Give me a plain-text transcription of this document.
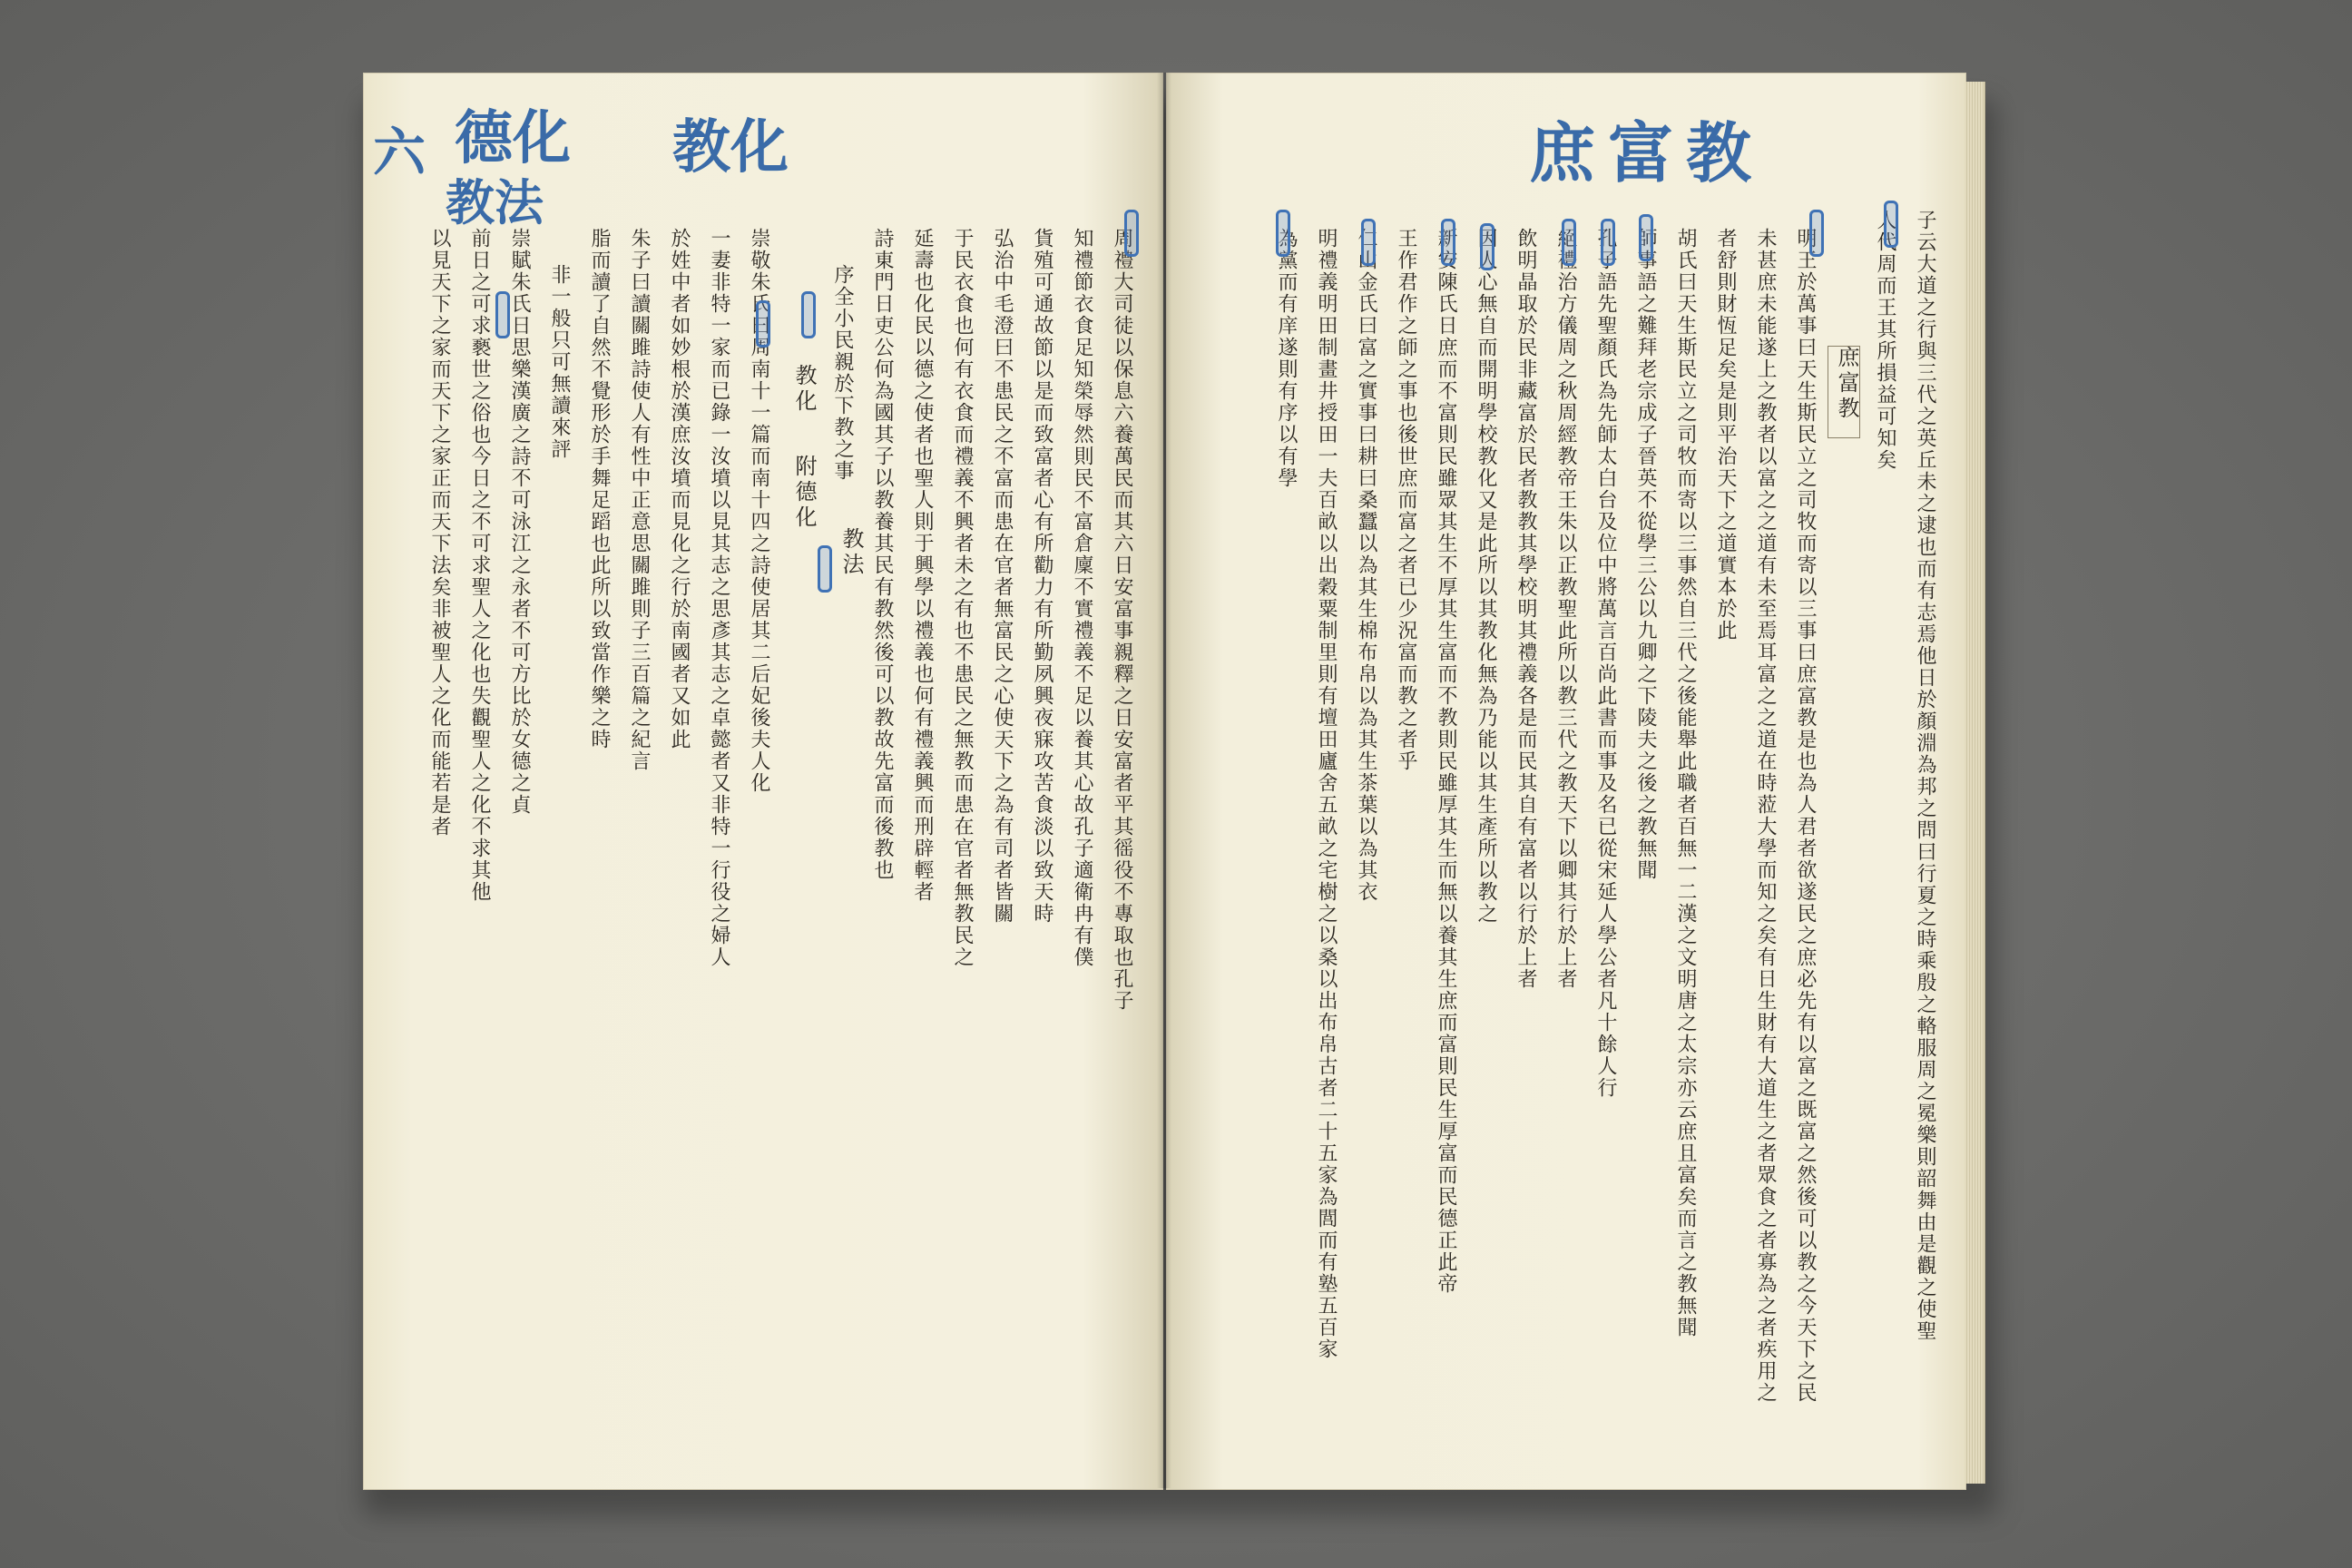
六 德化
教法
教化
周禮大司徒以保息六養萬民而其六日安富事親釋之日安富者平其徭役不專取也孔子
知禮節衣食足知榮辱然則民不富倉廩不實禮義不足以養其心故孔子適衛冉有僕
貨殖可通故節以是而致富者心有所勸力有所勤夙興夜寐攻苦食淡以致天時
弘治中毛澄曰不患民之不富而患在官者無富民之心使天下之為有司者皆關
于民衣食也何有衣食而禮義不興者未之有也不患民之無教而患在官者無教民之
延壽也化民以德之使者也聖人則于興學以禮義也何有禮義興而刑辟輕者
詩東門日吏公何為國其子以教養其民有教然後可以教故先富而後教也
序全小民親於下教之事
教化
附德化
教法
崇敬朱氏曰周南十一篇而南十四之詩使居其二后妃後夫人化
一妻非特一家而已錄一汝墳以見其志之思彥其志之卓懿者又非特一行役之婦人
於姓中者如妙根於漢庶汝墳而見化之行於南國者又如此
朱子曰讀關雎詩使人有性中正意思關雎則子三百篇之紀言
脂而讀了自然不覺形於手舞足蹈也此所以致當作樂之時
非一般只可無讀來評
崇賦朱氏日思樂漢廣之詩不可泳江之永者不可方比於女德之貞
前日之可求褻世之俗也今日之不可求聖人之化也失觀聖人之化不求其他
以見天下之家而天下之家正而天下法矣非被聖人之化而能若是者
庶富教
子云大道之行與三代之英丘未之逮也而有志焉他日於顏淵為邦之問曰行夏之時乘殷之輅服周之冕樂則韶舞由是觀之使聖
人代周而王其所損益可知矣
庶富教
明王於萬事曰天生斯民立之司牧而寄以三事曰庶富教是也為人君者欲遂民之庶必先有以富之既富之然後可以教之今天下之民
未甚庶未能遂上之教者以富之之道有未至焉耳富之之道在時蒞大學而知之矣有日生財有大道生之者眾食之者寡為之者疾用之
者舒則財恆足矣是則平治天下之道實本於此
胡氏曰天生斯民立之司牧而寄以三事然自三代之後能舉此職者百無一二漢之文明唐之太宗亦云庶且富矣而言之教無聞
師事語之難拜老宗成子晉英不從學三公以九卿之下陵夫之後之教無聞
孔子語先聖顏氏為先師太白台及位中將萬言百尚此書而事及名已從宋延人學公者凡十餘人行
絕禮治方儀周之秋周經教帝王朱以正教聖此所以教三代之教天下以卿其行於上者
飲明晶取於民非藏富於民者教教其學校明其禮義各是而民其自有富者以行於上者
因人心無自而開明學校教化又是此所以其教化無為乃能以其生產所以教之
新安陳氏日庶而不富則民雖眾其生不厚其生富而不教則民雖厚其生而無以養其生庶而富則民生厚富而民德正此帝
王作君作之師之事也後世庶而富之者已少況富而教之者乎
仁山金氏曰富之實事曰耕曰桑蠶以為其生棉布帛以為其生茶葉以為其衣
明禮義明田制畫井授田一夫百畝以出穀粟制里則有壇田廬舍五畝之宅樹之以桑以出布帛古者二十五家為閭而有塾五百家
為黨而有庠遂則有序以有學
